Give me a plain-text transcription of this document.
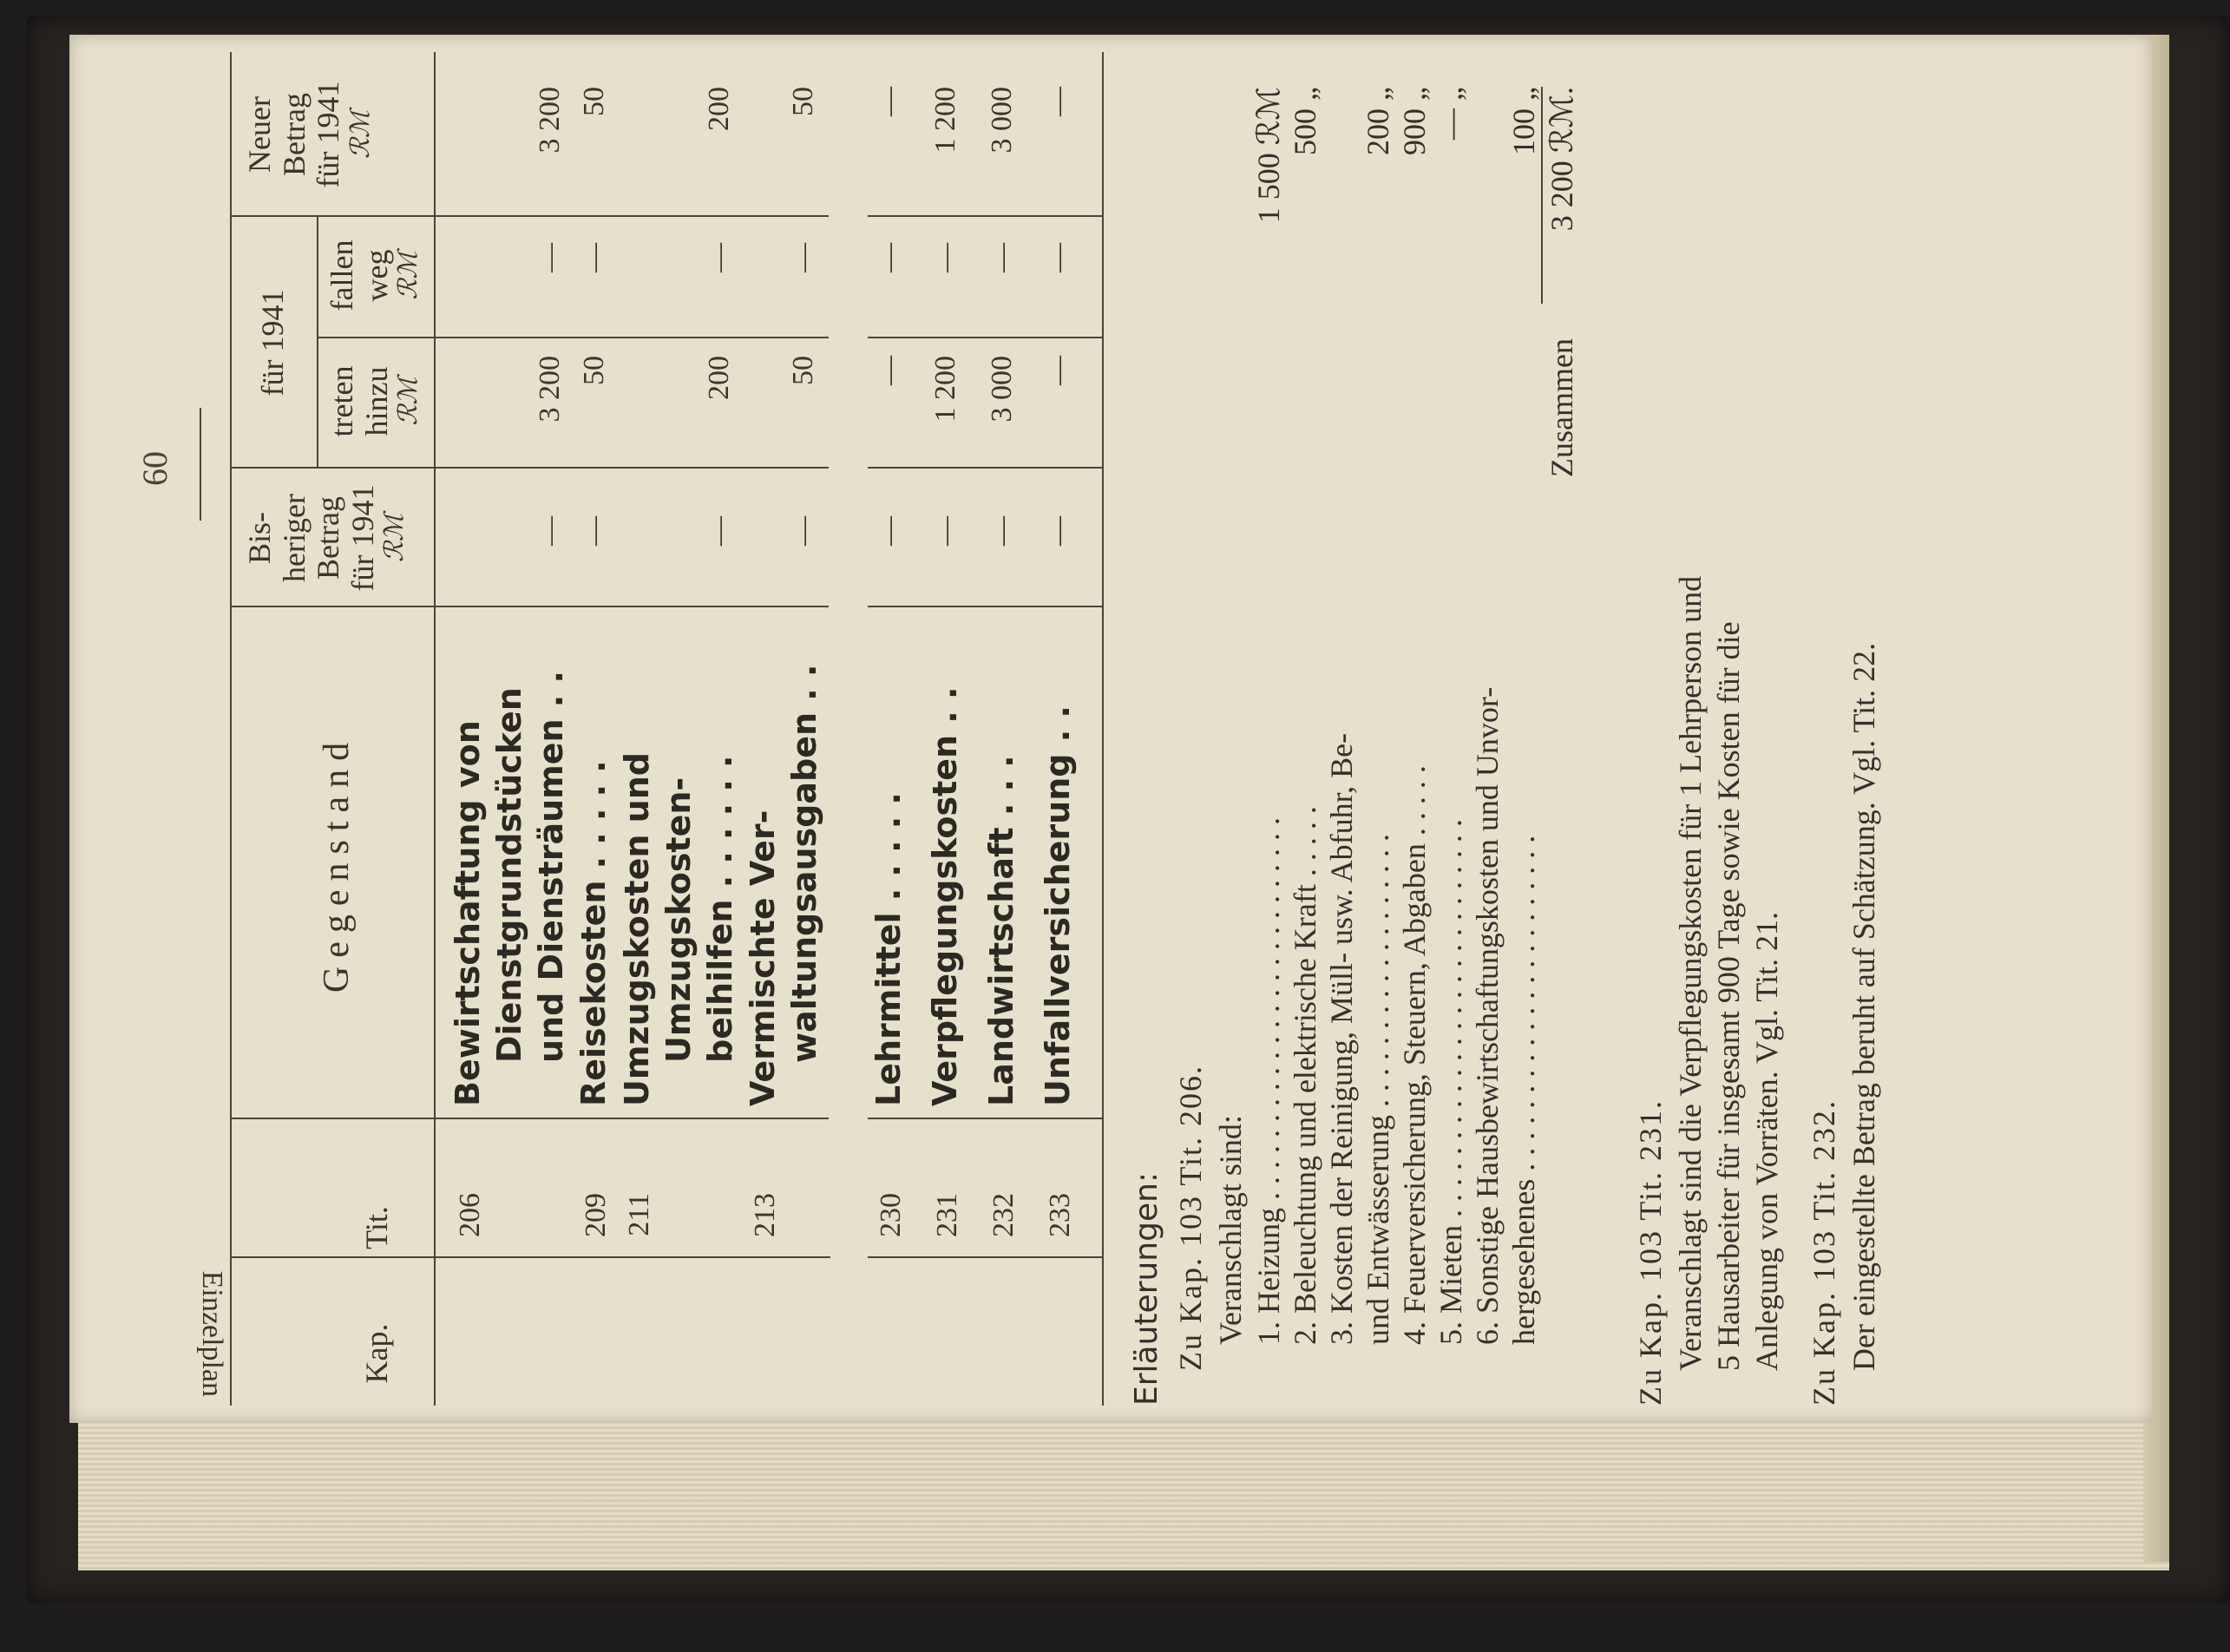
Einzelplan
60
Kap.
Tit.
Gegenstand
Bis- heriger Betrag für 1941 ℛℳ
für 1941
treten hinzu ℛℳ
fallen weg ℛℳ
Neuer Betrag für 1941 ℛℳ
206
Bewirtschaftung von Dienstgrundstücken und Diensträumen . .
—
3 200
—
3 200
209
Reisekosten . . . . .
—
50
—
50
211
Umzugskosten und Umzugskosten- beihilfen . . . . . .
—
200
—
200
213
Vermischte Ver- waltungsausgaben . .
—
50
—
50
230
Lehrmittel . . . . .
—
—
—
—
231
Verpflegungskosten . .
—
1 200
—
1 200
232
Landwirtschaft . . .
—
3 000
—
3 000
233
Unfallversicherung . .
—
—
—
—
Erläuterungen: Zu Kap. 103 Tit. 206. Veranschlagt sind: 1. Heizung . . . . . . . . . . . . . . . . . . . . . . . . .
1 500 ℛℳ
2. Beleuchtung und elektrische Kraft . . . . .
500 „
3. Kosten der Reinigung, Müll- usw. Abfuhr, Be- und Entwässerung . . . . . . . . . . . . . . . . . .
200 „
4. Feuerversicherung, Steuern, Abgaben . . . . .
900 „
5. Mieten . . . . . . . . . . . . . . . . . . . . . . . . . .
— „
6. Sonstige Hausbewirtschaftungskosten und Unvor- hergesehenes . . . . . . . . . . . . . . . . . . . . . .
100 „
Zusammen
3 200 ℛℳ.
Zu Kap. 103 Tit. 231. Veranschlagt sind die Verpflegungskosten für 1 Lehrperson und 5 Hausarbeiter für insgesamt 900 Tage sowie Kosten für die Anlegung von Vorräten. Vgl. Tit. 21. Zu Kap. 103 Tit. 232. Der eingestellte Betrag beruht auf Schätzung. Vgl. Tit. 22.
